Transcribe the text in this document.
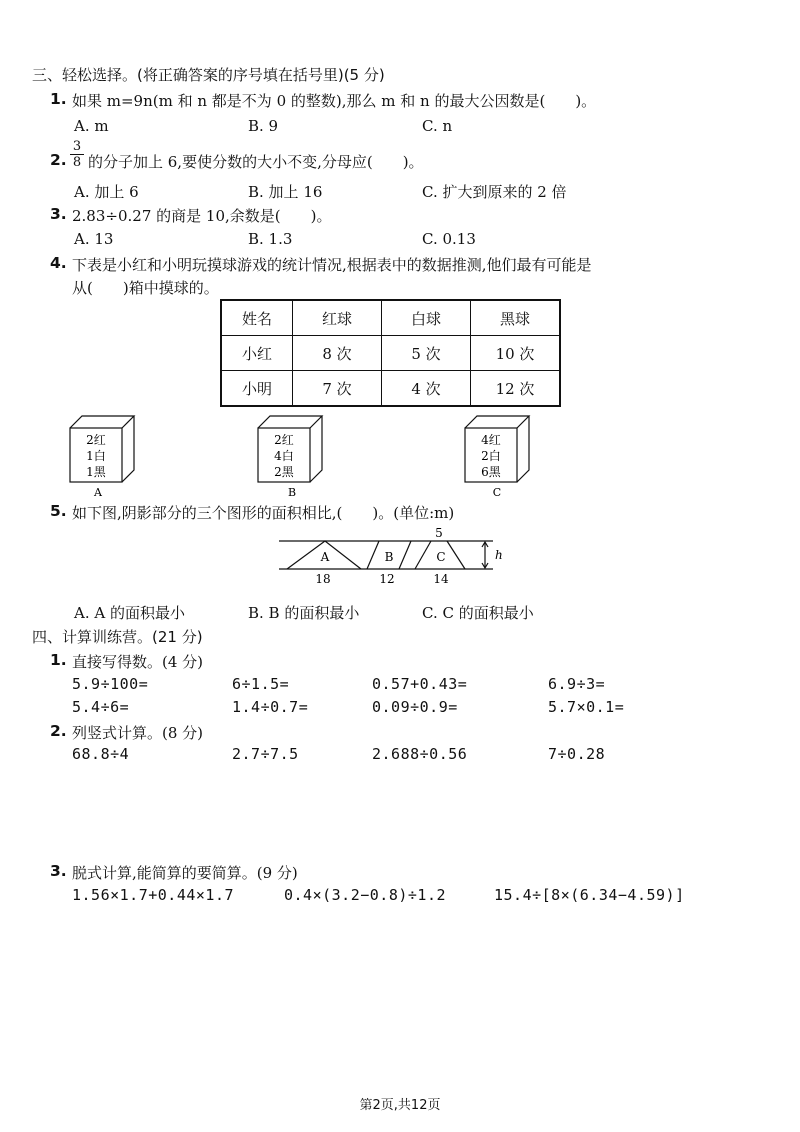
三、轻松选择。(将正确答案的序号填在括号里)(5 分)
1. 如果 m=9n(m 和 n 都是不为 0 的整数),那么 m 和 n 的最大公因数是(　　)。
A. m	B. 9	C. n
2.
3
8 的分子加上 6,要使分数的大小不变,分母应(　　)。
A. 加上 6	B. 加上 16	C. 扩大到原来的 2 倍
3. 2.83÷0.27 的商是 10,余数是(　　)。
A. 13	B. 1.3	C. 0.13
4. 下表是小红和小明玩摸球游戏的统计情况,根据表中的数据推测,他们最有可能是
从(　　)箱中摸球的。
姓名	红球	白球	黑球
小红	8 次	5 次	10 次
小明	7 次	4 次	12 次
2红
1白
1黑
A
2红
4白
2黑
B
4红
2白
6黑
C
5. 如下图,阴影部分的三个图形的面积相比,(　　)。(单位:m)
A	B	C
5
18	12	14
h
A. A 的面积最小	B. B 的面积最小	C. C 的面积最小
四、计算训练营。(21 分)
1. 直接写得数。(4 分)
5.9÷100=	6÷1.5=	0.57+0.43=	6.9÷3=
5.4÷6=	1.4÷0.7=	0.09÷0.9=	5.7×0.1=
2. 列竖式计算。(8 分)
68.8÷4	2.7÷7.5	2.688÷0.56	7÷0.28
3. 脱式计算,能简算的要简算。(9 分)
1.56×1.7+0.44×1.7	0.4×(3.2−0.8)÷1.2	15.4÷[8×(6.34−4.59)]
第2页,共12页
